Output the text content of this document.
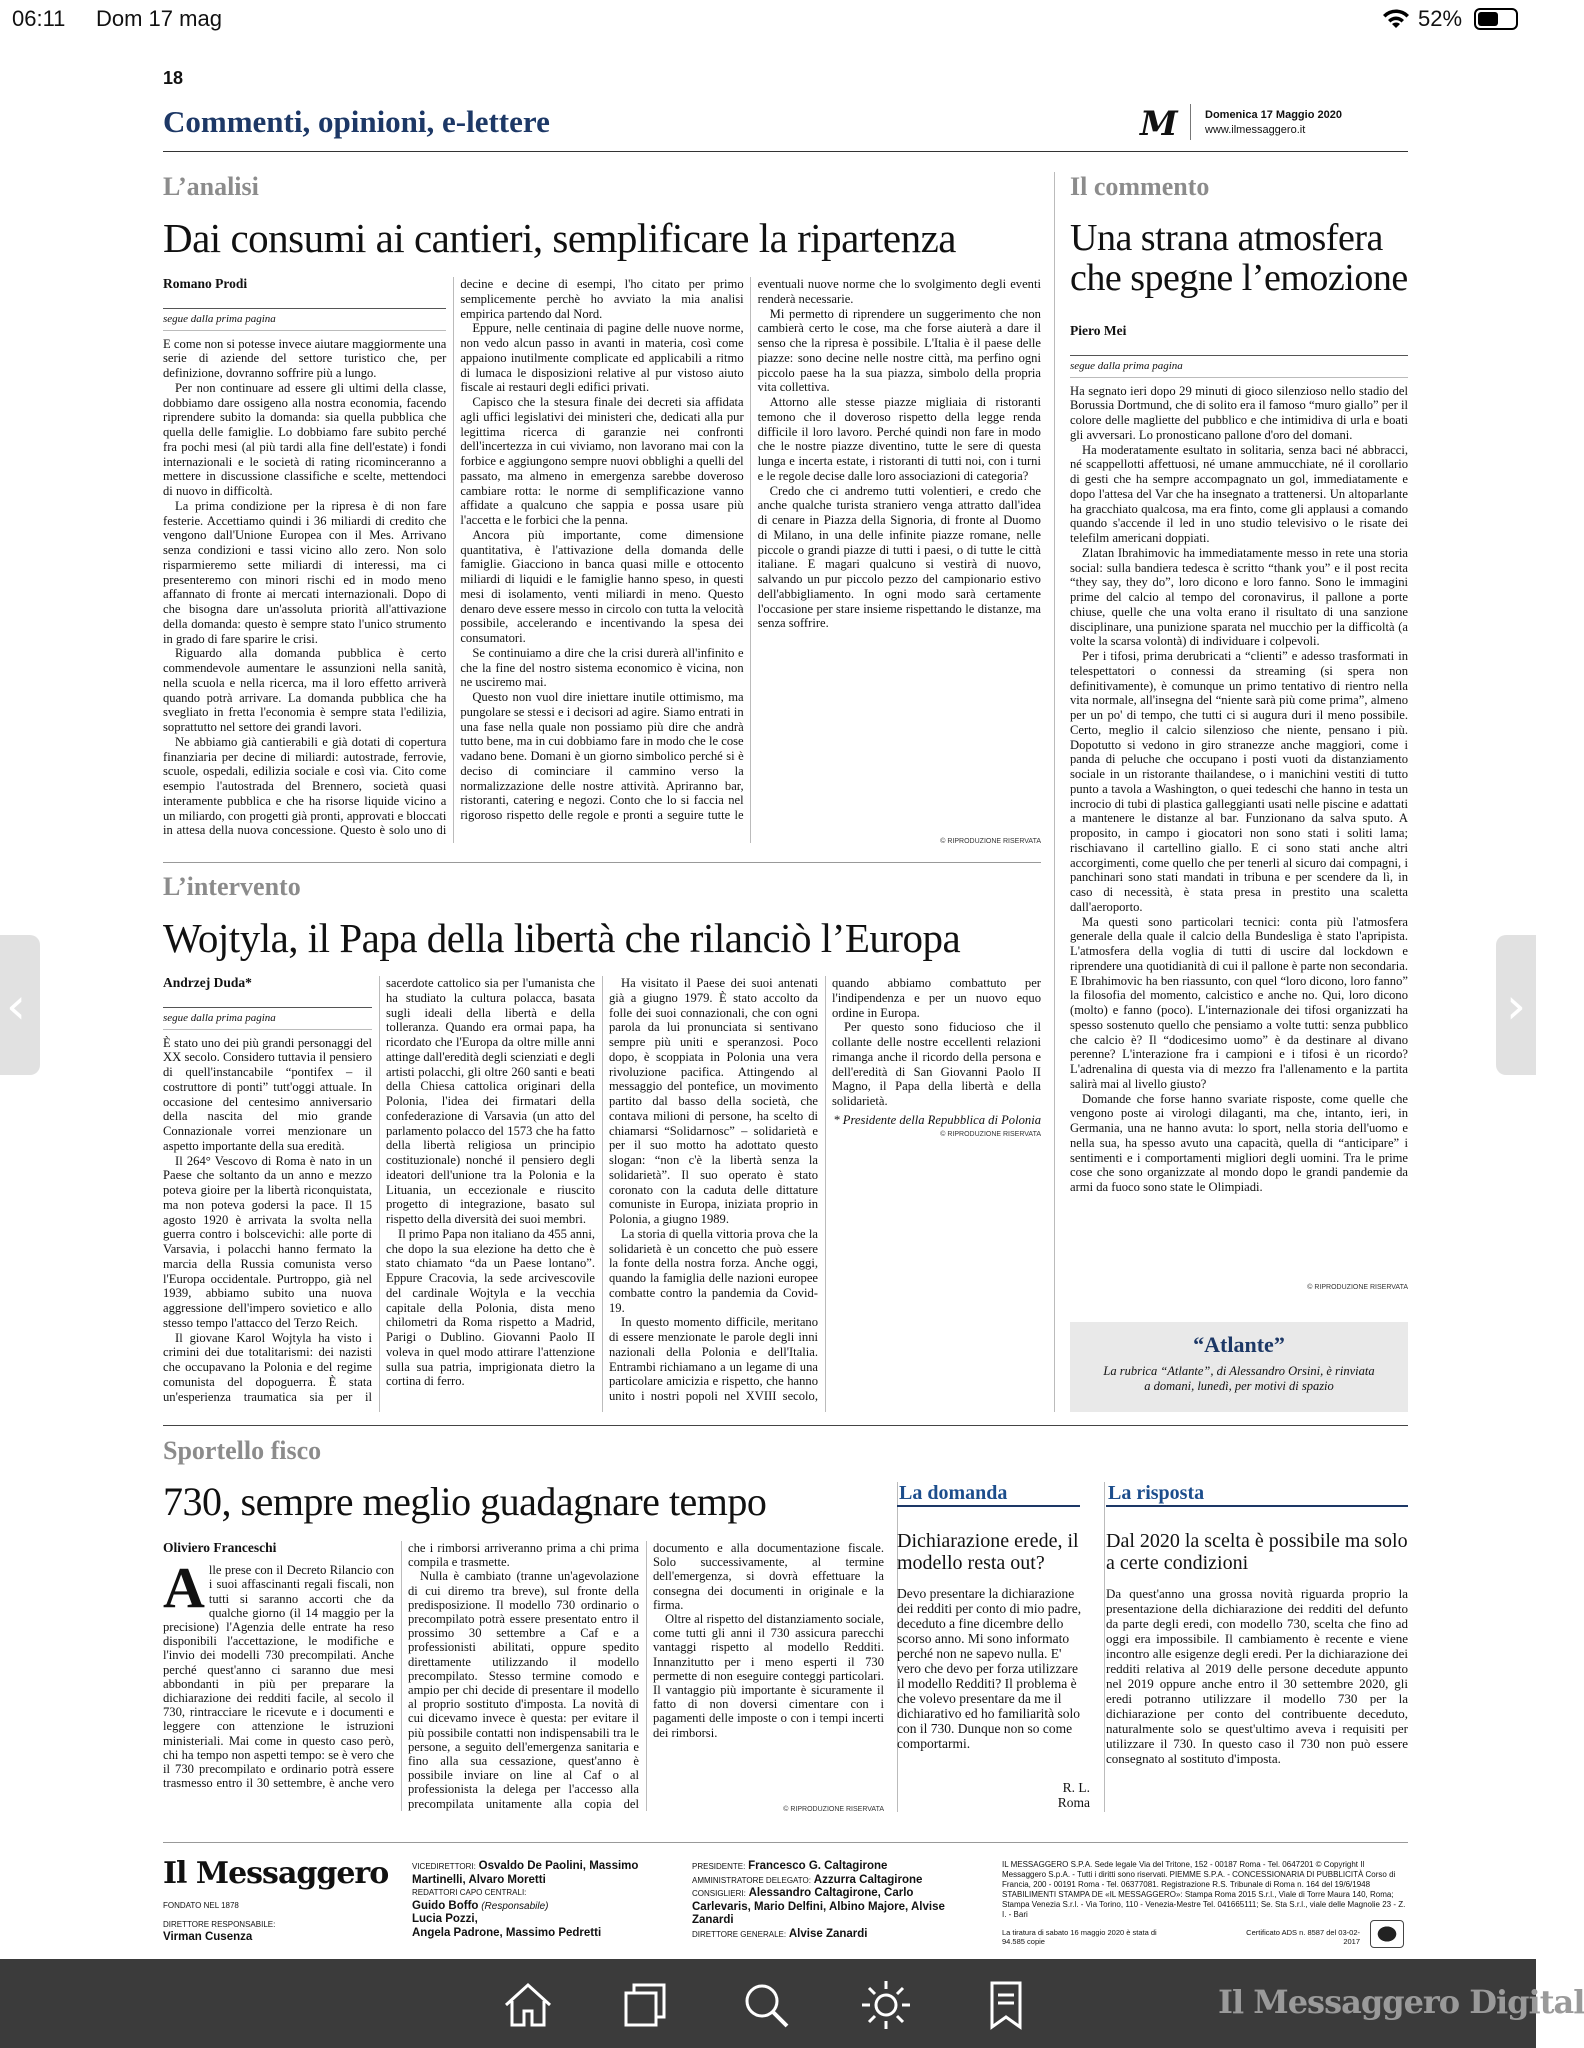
06:11 Dom 17 mag	52%
18
Commenti, opinioni, e-lettere	M Domenica 17 Maggio 2020
www.ilmessaggero.it
L’analisi
Dai consumi ai cantieri, semplificare la ripartenza
Romano Prodi
segue dalla prima pagina

E come non si potesse invece aiutare maggiormente una serie di aziende del settore turistico che, per definizione, dovranno soffrire più a lungo.

Per non continuare ad essere gli ultimi della classe, dobbiamo dare ossigeno alla nostra economia, facendo riprendere subito la domanda: sia quella pubblica che quella delle famiglie. Lo dobbiamo fare subito perché fra pochi mesi (al più tardi alla fine dell'estate) i fondi internazionali e le società di rating ricominceranno a mettere in discussione classifiche e scelte, mettendoci di nuovo in difficoltà.

La prima condizione per la ripresa è di non fare festerie. Accettiamo quindi i 36 miliardi di credito che vengono dall'Unione Europea con il Mes. Arrivano senza condizioni e tassi vicino allo zero. Non solo risparmieremo sette miliardi di interessi, ma ci presenteremo con minori rischi ed in modo meno affannato di fronte ai mercati internazionali. Dopo di che bisogna dare un'assoluta priorità all'attivazione della domanda: questo è sempre stato l'unico strumento in grado di fare sparire le crisi.

Riguardo alla domanda pubblica è certo commendevole aumentare le assunzioni nella sanità, nella scuola e nella ricerca, ma il loro effetto arriverà quando potrà arrivare. La domanda pubblica che ha svegliato in fretta l'economia è sempre stata l'edilizia, soprattutto nel settore dei grandi lavori.

Ne abbiamo già cantierabili e già dotati di copertura finanziaria per decine di miliardi: autostrade, ferrovie, scuole, ospedali, edilizia sociale e così via. Cito come esempio l'autostrada del Brennero, società quasi interamente pubblica e che ha risorse liquide vicino a un miliardo, con progetti già pronti, approvati e bloccati in attesa della nuova concessione. Questo è solo uno di decine e decine di esempi, l'ho citato per primo semplicemente perchè ho avviato la mia analisi empirica partendo dal Nord.

Eppure, nelle centinaia di pagine delle nuove norme, non vedo alcun passo in avanti in materia, così come appaiono inutilmente complicate ed applicabili a ritmo di lumaca le disposizioni relative al pur vistoso aiuto fiscale ai restauri degli edifici privati.

Capisco che la stesura finale dei decreti sia affidata agli uffici legislativi dei ministeri che, dedicati alla pur legittima ricerca di garanzie nei confronti dell'incertezza in cui viviamo, non lavorano mai con la forbice e aggiungono sempre nuovi obblighi a quelli del passato, ma almeno in emergenza sarebbe doveroso cambiare rotta: le norme di semplificazione vanno affidate a qualcuno che sappia e possa usare più l'accetta e le forbici che la penna.

Ancora più importante, come dimensione quantitativa, è l'attivazione della domanda delle famiglie. Giacciono in banca quasi mille e ottocento miliardi di liquidi e le famiglie hanno speso, in questi mesi di isolamento, venti miliardi in meno. Questo denaro deve essere messo in circolo con tutta la velocità possibile, accelerando e incentivando la spesa dei consumatori.

Se continuiamo a dire che la crisi durerà all'infinito e che la fine del nostro sistema economico è vicina, non ne usciremo mai.

Questo non vuol dire iniettare inutile ottimismo, ma pungolare se stessi e i decisori ad agire. Siamo entrati in una fase nella quale non possiamo più dire che andrà tutto bene, ma in cui dobbiamo fare in modo che le cose vadano bene. Domani è un giorno simbolico perché si è deciso di cominciare il cammino verso la normalizzazione delle nostre attività. Apriranno bar, ristoranti, catering e negozi. Conto che lo si faccia nel rigoroso rispetto delle regole e pronti a seguire tutte le eventuali nuove norme che lo svolgimento degli eventi renderà necessarie.

Mi permetto di riprendere un suggerimento che non cambierà certo le cose, ma che forse aiuterà a dare il senso che la ripresa è possibile. L'Italia è il paese delle piazze: sono decine nelle nostre città, ma perfino ogni piccolo paese ha la sua piazza, simbolo della propria vita collettiva.

Attorno alle stesse piazze migliaia di ristoranti temono che il doveroso rispetto della legge renda difficile il loro lavoro. Perché quindi non fare in modo che le nostre piazze diventino, tutte le sere di questa lunga e incerta estate, i ristoranti di tutti noi, con i turni e le regole decise dalle loro associazioni di categoria?

Credo che ci andremo tutti volentieri, e credo che anche qualche turista straniero venga attratto dall'idea di cenare in Piazza della Signoria, di fronte al Duomo di Milano, in una delle infinite piazze romane, nelle piccole o grandi piazze di tutti i paesi, o di tutte le città italiane. E magari qualcuno si vestirà di nuovo, salvando un pur piccolo pezzo del campionario estivo dell'abbigliamento. In ogni modo sarà certamente l'occasione per stare insieme rispettando le distanze, ma senza soffrire.

© RIPRODUZIONE RISERVATA
L’intervento
Wojtyla, il Papa della libertà che rilanciò l’Europa
Andrzej Duda*
segue dalla prima pagina

È stato uno dei più grandi personaggi del XX secolo. Considero tuttavia il pensiero di quell'instancabile “pontifex – il costruttore di ponti” tutt'oggi attuale. In occasione del centesimo anniversario della nascita del mio grande Connazionale vorrei menzionare un aspetto importante della sua eredità.

Il 264° Vescovo di Roma è nato in un Paese che soltanto da un anno e mezzo poteva gioire per la libertà riconquistata, ma non poteva godersi la pace. Il 15 agosto 1920 è arrivata la svolta nella guerra contro i bolscevichi: alle porte di Varsavia, i polacchi hanno fermato la marcia della Russia comunista verso l'Europa occidentale. Purtroppo, già nel 1939, abbiamo subito una nuova aggressione dell'impero sovietico e allo stesso tempo l'attacco del Terzo Reich.

Il giovane Karol Wojtyla ha visto i crimini dei due totalitarismi: dei nazisti che occupavano la Polonia e del regime comunista del dopoguerra. È stata un'esperienza traumatica sia per il sacerdote cattolico sia per l'umanista che ha studiato la cultura polacca, basata sugli ideali della libertà e della tolleranza. Quando era ormai papa, ha ricordato che l'Europa da oltre mille anni attinge dall'eredità degli scienziati e degli artisti polacchi, gli oltre 260 santi e beati della Chiesa cattolica originari della Polonia, l'idea dei firmatari della confederazione di Varsavia (un atto del parlamento polacco del 1573 che ha fatto della libertà religiosa un principio costituzionale) nonché il pensiero degli ideatori dell'unione tra la Polonia e la Lituania, un eccezionale e riuscito progetto di integrazione, basato sul rispetto della diversità dei suoi membri.

Il primo Papa non italiano da 455 anni, che dopo la sua elezione ha detto che è stato chiamato “da un Paese lontano”. Eppure Cracovia, la sede arcivescovile del cardinale Wojtyla e la vecchia capitale della Polonia, dista meno chilometri da Roma rispetto a Madrid, Parigi o Dublino. Giovanni Paolo II voleva in quel modo attirare l'attenzione sulla sua patria, imprigionata dietro la cortina di ferro.

Ha visitato il Paese dei suoi antenati già a giugno 1979. È stato accolto da folle dei suoi connazionali, che con ogni parola da lui pronunciata si sentivano sempre più uniti e speranzosi. Poco dopo, è scoppiata in Polonia una vera rivoluzione pacifica. Attingendo al messaggio del pontefice, un movimento partito dal basso della società, che contava milioni di persone, ha scelto di chiamarsi “Solidarnosc” – solidarietà e per il suo motto ha adottato questo slogan: “non c'è la libertà senza la solidarietà”. Il suo operato è stato coronato con la caduta delle dittature comuniste in Europa, iniziata proprio in Polonia, a giugno 1989.

La storia di quella vittoria prova che la solidarietà è un concetto che può essere la fonte della nostra forza. Anche oggi, quando la famiglia delle nazioni europee combatte contro la pandemia da Covid-19.

In questo momento difficile, meritano di essere menzionate le parole degli inni nazionali della Polonia e dell'Italia. Entrambi richiamano a un legame di una particolare amicizia e rispetto, che hanno unito i nostri popoli nel XVIII secolo, quando abbiamo combattuto per l'indipendenza e per un nuovo equo ordine in Europa.

Per questo sono fiducioso che il collante delle nostre eccellenti relazioni rimanga anche il ricordo della persona e dell'eredità di San Giovanni Paolo II Magno, il Papa della libertà e della solidarietà.

* Presidente della Repubblica di Polonia

© RIPRODUZIONE RISERVATA
Il commento
Una strana atmosfera che spegne l’emozione
Piero Mei
segue dalla prima pagina

Ha segnato ieri dopo 29 minuti di gioco silenzioso nello stadio del Borussia Dortmund, che di solito era il famoso “muro giallo” per il colore delle magliette del pubblico e che intimidiva di urla e boati gli avversari. Lo pronosticano pallone d'oro del domani.

Ha moderatamente esultato in solitaria, senza baci né abbracci, né scappellotti affettuosi, né umane ammucchiate, né il corollario di gesti che ha sempre accompagnato un gol, immediatamente e dopo l'attesa del Var che ha insegnato a trattenersi. Un altoparlante ha gracchiato qualcosa, ma era finto, come gli applausi a comando quando s'accende il led in uno studio televisivo o le risate dei telefilm americani doppiati.

Zlatan Ibrahimovic ha immediatamente messo in rete una storia social: sulla bandiera tedesca è scritto “thank you” e il post recita “they say, they do”, loro dicono e loro fanno. Sono le immagini prime del calcio al tempo del coronavirus, il pallone a porte chiuse, quelle che una volta erano il risultato di una sanzione disciplinare, una punizione sparata nel mucchio per la difficoltà (a volte la scarsa volontà) di individuare i colpevoli.

Per i tifosi, prima derubricati a “clienti” e adesso trasformati in telespettatori o connessi da streaming (si spera non definitivamente), è comunque un primo tentativo di rientro nella vita normale, all'insegna del “niente sarà più come prima”, almeno per un po' di tempo, che tutti ci si augura duri il meno possibile. Certo, meglio il calcio silenzioso che niente, pensano i più. Dopotutto si vedono in giro stranezze anche maggiori, come i panda di peluche che occupano i posti vuoti da distanziamento sociale in un ristorante thailandese, o i manichini vestiti di tutto punto a tavola a Washington, o quei tedeschi che hanno in testa un incrocio di tubi di plastica galleggianti usati nelle piscine e adattati a mantenere le distanze al bar. Funzionano da salva sputo. A proposito, in campo i giocatori non sono stati i soliti lama; rischiavano il cartellino giallo. E ci sono stati anche altri accorgimenti, come quello che per tenerli al sicuro dai compagni, i panchinari sono stati mandati in tribuna e per scendere da lì, in caso di necessità, è stata presa in prestito una scaletta dall'aeroporto.

Ma questi sono particolari tecnici: conta più l'atmosfera generale della quale il calcio della Bundesliga è stato l'apripista. L'atmosfera della voglia di tutti di uscire dal lockdown e riprendere una quotidianità di cui il pallone è parte non secondaria. E Ibrahimovic ha ben riassunto, con quel “loro dicono, loro fanno” la filosofia del momento, calcistico e anche no. Qui, loro dicono (molto) e fanno (poco). L'internazionale dei tifosi organizzati ha spesso sostenuto quello che pensiamo a volte tutti: senza pubblico che calcio è? Il “dodicesimo uomo” è da destinare al divano perenne? L'interazione fra i campioni e i tifosi è un ricordo? L'adrenalina di questa via di mezzo fra l'allenamento e la partita salirà mai al livello giusto?

Domande che forse hanno svariate risposte, come quelle che vengono poste ai virologi dilaganti, ma che, intanto, ieri, in Germania, una ne hanno avuta: lo sport, nella storia dell'uomo e nella sua, ha spesso avuto una capacità, quella di “anticipare” i sentimenti e i comportamenti migliori degli uomini. Tra le prime cose che sono organizzate al mondo dopo le grandi pandemie da armi da fuoco sono state le Olimpiadi.

© RIPRODUZIONE RISERVATA
“Atlante”
La rubrica “Atlante”, di Alessandro Orsini, è rinviata a domani, lunedì, per motivi di spazio
Sportello fisco
730, sempre meglio guadagnare tempo
Oliviero Franceschi
A lle prese con il Decreto Rilancio con i suoi affascinanti regali fiscali, non tutti si saranno accorti che da qualche giorno (il 14 maggio per la precisione) l'Agenzia delle entrate ha reso disponibili l'accettazione, le modifiche e l'invio dei modelli 730 precompilati. Anche perché quest'anno ci saranno due mesi abbondanti in più per preparare la dichiarazione dei redditi facile, al secolo il 730, rintracciare le ricevute e i documenti e leggere con attenzione le istruzioni ministeriali. Mai come in questo caso però, chi ha tempo non aspetti tempo: se è vero che il 730 precompilato e ordinario potrà essere trasmesso entro il 30 settembre, è anche vero che i rimborsi arriveranno prima a chi prima compila e trasmette.

Nulla è cambiato (tranne un'agevolazione di cui diremo tra breve), sul fronte della predisposizione. Il modello 730 ordinario o precompilato potrà essere presentato entro il prossimo 30 settembre a Caf e a professionisti abilitati, oppure spedito direttamente utilizzando il modello precompilato. Stesso termine comodo e ampio per chi decide di presentare il modello al proprio sostituto d'imposta. La novità di cui dicevamo invece è questa: per evitare il più possibile contatti non indispensabili tra le persone, a seguito dell'emergenza sanitaria e fino alla sua cessazione, quest'anno è possibile inviare on line al Caf o al professionista la delega per l'accesso alla precompilata unitamente alla copia del documento e alla documentazione fiscale. Solo successivamente, al termine dell'emergenza, si dovrà effettuare la consegna dei documenti in originale e la firma.

Oltre al rispetto del distanziamento sociale, come tutti gli anni il 730 assicura parecchi vantaggi rispetto al modello Redditi. Innanzitutto per i meno esperti il 730 permette di non eseguire conteggi particolari. Il vantaggio più importante è sicuramente il fatto di non doversi cimentare con i pagamenti delle imposte o con i tempi incerti dei rimborsi.

© RIPRODUZIONE RISERVATA
La domanda
Dichiarazione erede, il modello resta out?

Devo presentare la dichiarazione dei redditi per conto di mio padre, deceduto a fine dicembre dello scorso anno. Mi sono informato perché non ne sapevo nulla. E' vero che devo per forza utilizzare il modello Redditi? Il problema è che volevo presentare da me il dichiarativo ed ho familiarità solo con il 730. Dunque non so come comportarmi.

R. L.
Roma
La risposta
Dal 2020 la scelta è possibile ma solo a certe condizioni

Da quest'anno una grossa novità riguarda proprio la presentazione della dichiarazione dei redditi del defunto da parte degli eredi, con modello 730, scelta che fino ad oggi era impossibile. Il cambiamento è recente e viene incontro alle esigenze degli eredi. Per la dichiarazione dei redditi relativa al 2019 delle persone decedute appunto nel 2019 oppure anche entro il 30 settembre 2020, gli eredi potranno utilizzare il modello 730 per la dichiarazione per conto del contribuente deceduto, naturalmente solo se quest'ultimo aveva i requisiti per utilizzare il 730. In questo caso il 730 non può essere consegnato al sostituto d'imposta.

Il Messaggero
FONDATO NEL 1878
DIRETTORE RESPONSABILE:
Virman Cusenza
VICEDIRETTORI: Osvaldo De Paolini, Massimo Martinelli, Alvaro Moretti
REDATTORI CAPO CENTRALI:
Guido Boffo (Responsabile)
Lucia Pozzi,
Angela Padrone, Massimo Pedretti
PRESIDENTE: Francesco G. Caltagirone
AMMINISTRATORE DELEGATO: Azzurra Caltagirone
CONSIGLIERI: Alessandro Caltagirone, Carlo Carlevaris, Mario Delfini, Albino Majore, Alvise Zanardi
DIRETTORE GENERALE: Alvise Zanardi
IL MESSAGGERO S.P.A. Sede legale Via del Tritone, 152 - 00187 Roma - Tel. 0647201 © Copyright Il Messaggero S.p.A. - Tutti i diritti sono riservati. PIEMME S.P.A. - CONCESSIONARIA DI PUBBLICITÀ Corso di Francia, 200 - 00191 Roma - Tel. 06377081. Registrazione R.S. Tribunale di Roma n. 164 del 19/6/1948 STABILIMENTI STAMPA DE «IL MESSAGGERO»: Stampa Roma 2015 S.r.l., Viale di Torre Maura 140, Roma; Stampa Venezia S.r.l. - Via Torino, 110 - Venezia-Mestre Tel. 041665111; Se. Sta S.r.l., viale delle Magnolie 23 - Z. I. - Bari
La tiratura di sabato 16 maggio 2020 è stata di 94.585 copie
Certificato ADS n. 8587 del 03-02-2017
‹	›
Il Messaggero Digital
